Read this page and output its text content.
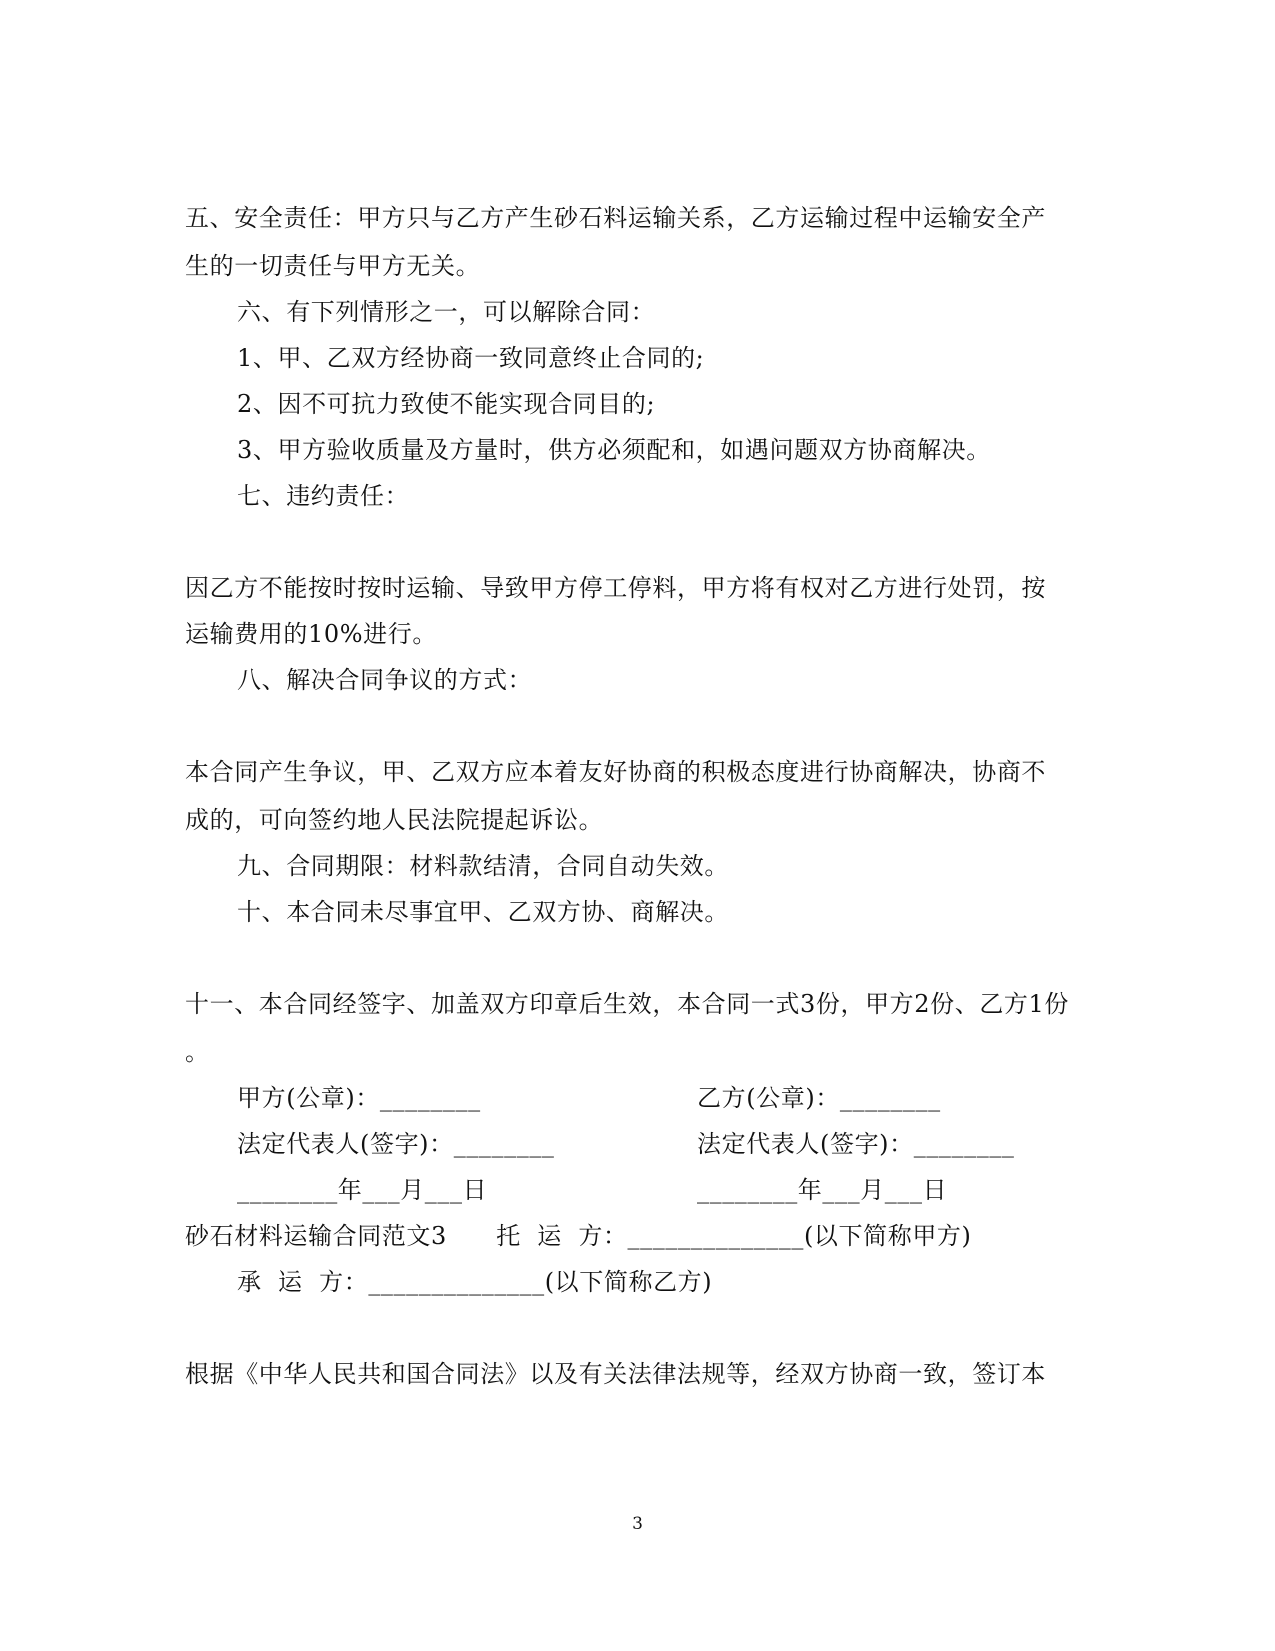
五、安全责任：甲方只与乙方产生砂石料运输关系，乙方运输过程中运输安全产
生的一切责任与甲方无关。
六、有下列情形之一，可以解除合同：
1、甲、乙双方经协商一致同意终止合同的;
2、因不可抗力致使不能实现合同目的;
3、甲方验收质量及方量时，供方必须配和，如遇问题双方协商解决。
七、违约责任：
因乙方不能按时按时运输、导致甲方停工停料，甲方将有权对乙方进行处罚，按
运输费用的10%进行。
八、解决合同争议的方式：
本合同产生争议，甲、乙双方应本着友好协商的积极态度进行协商解决，协商不
成的，可向签约地人民法院提起诉讼。
九、合同期限：材料款结清，合同自动失效。
十、本合同未尽事宜甲、乙双方协、商解决。
十一、本合同经签字、加盖双方印章后生效，本合同一式3份，甲方2份、乙方1份
。
甲方(公章)：________	乙方(公章)：________
法定代表人(签字)：________	法定代表人(签字)：________
________年___月___日	________年___月___日
砂石材料运输合同范文3      托  运  方：______________(以下简称甲方)
承  运  方：______________(以下简称乙方)
根据《中华人民共和国合同法》以及有关法律法规等，经双方协商一致，签订本
3
